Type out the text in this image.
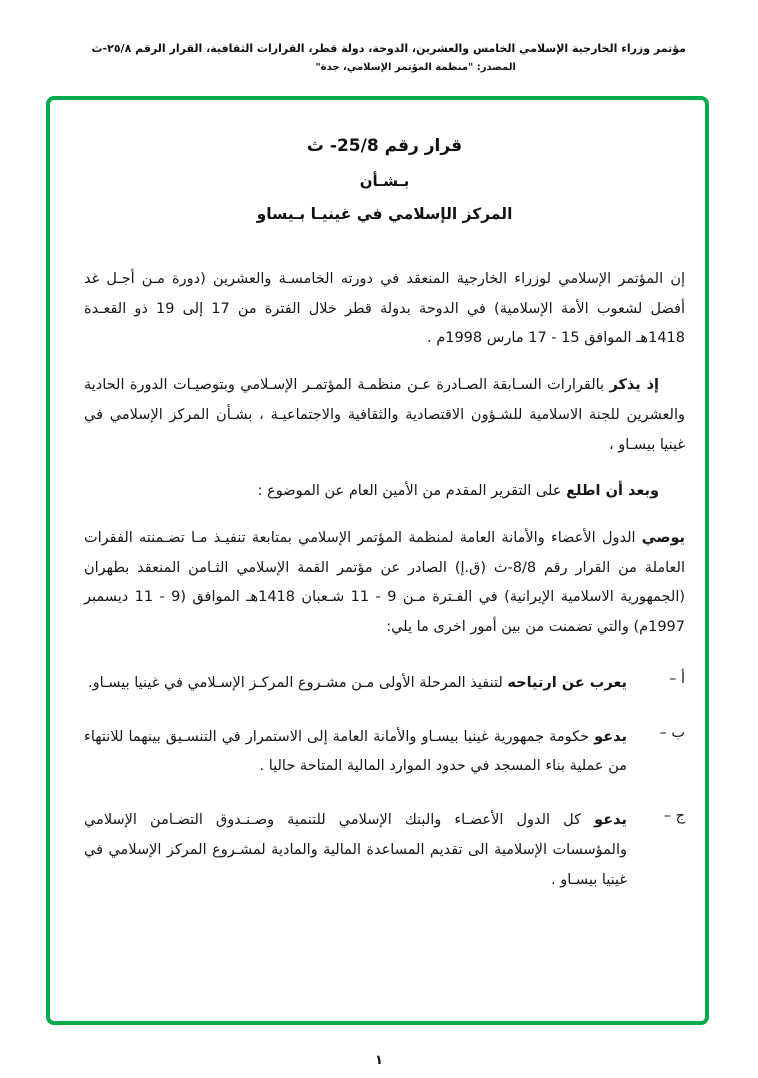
مؤتمر وزراء الخارجية الإسلامي الخامس والعشرين، الدوحة، دولة قطر، القرارات الثقافية، القرار الرقم ٢٥/٨-ث
المصدر: "منظمة المؤتمر الإسلامي، جدة"
قرار رقم 25/8- ث
بـشـأن
المركز الإسلامي في غينيـا بـيساو

إن المؤتمر الإسلامي لوزراء الخارجية المنعقد في دورته الخامسـة والعشرين (دورة مـن أجـل غد أفضل لشعوب الأمة الإسلامية) في الدوحة بدولة قطر خلال الفترة من 17 إلى 19 ذو القعـدة 1418هـ الموافق 15 - 17 مارس 1998م .

إذ يذكر بالقرارات السـابقة الصـادرة عـن منظمـة المؤتمـر الإسـلامي وبتوصيـات الدورة الحادية والعشرين للجنة الاسلامية للشـؤون الاقتصادية والثقافية والاجتماعيـة ، بشـأن المركز الإسلامي في غينيا بيسـاو ،

وبعد أن اطلع على التقرير المقدم من الأمين العام عن الموضوع :

يوصي الدول الأعضاء والأمانة العامة لمنظمة المؤتمر الإسلامي بمتابعة تنفيـذ مـا تضـمنته الفقرات العاملة من القرار رقم 8/8-ث (ق.إ) الصادر عن مؤتمر القمة الإسلامي الثـامن المنعقد بطهران (الجمهورية الاسلامية الإيرانية) في الفـترة مـن 9 - 11 شـعبان 1418هـ الموافق (9 - 11 ديسمبر 1997م) والتي تضمنت من بين أمور اخرى ما يلي:

أ –

يعرب عن ارتياحه لتنفيذ المرحلة الأولى مـن مشـروع المركـز الإسـلامي في غينيا بيسـاو.

ب –

يدعو حكومة جمهورية غينيا بيسـاو والأمانة العامة إلى الاستمرار في التنسـيق بينهما للانتهاء من عملية بناء المسجد في حدود الموارد المالية المتاحة حاليا .

ج –

يدعو كل الدول الأعضـاء والبنك الإسلامي للتنمية وصـنـدوق التضـامن الإسلامي والمؤسسات الإسلامية الى تقديم المساعدة المالية والمادية لمشـروع المركز الإسلامي في غينيا بيسـاو .

١
